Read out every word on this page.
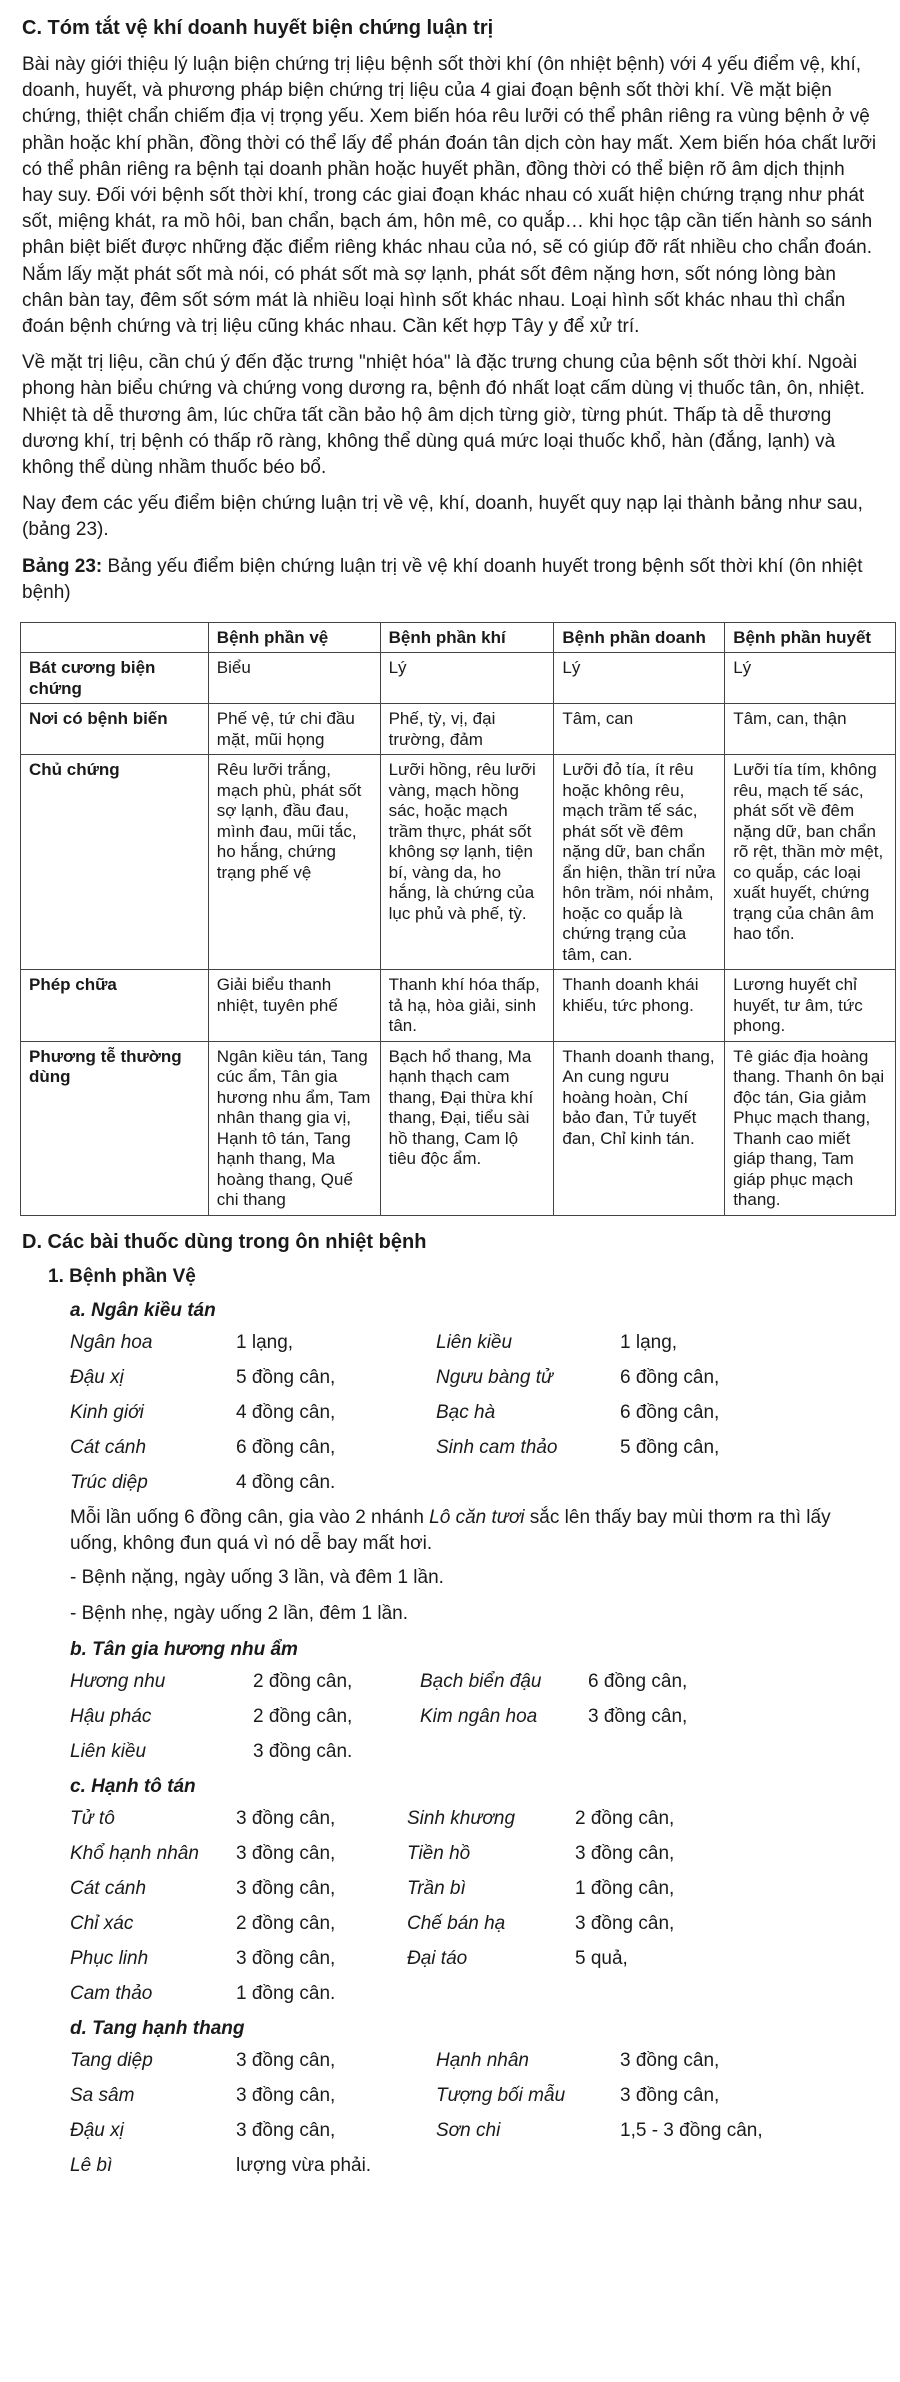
C. Tóm tắt vệ khí doanh huyết biện chứng luận trị

Bài này giới thiệu lý luận biện chứng trị liệu bệnh sốt thời khí (ôn nhiệt bệnh) với 4 yếu điểm vệ, khí, doanh, huyết, và phương pháp biện chứng trị liệu của 4 giai đoạn bệnh sốt thời khí. Về mặt biện chứng, thiệt chẩn chiếm địa vị trọng yếu. Xem biến hóa rêu lưỡi có thể phân riêng ra vùng bệnh ở vệ phần hoặc khí phần, đồng thời có thể lấy để phán đoán tân dịch còn hay mất. Xem biến hóa chất lưỡi có thể phân riêng ra bệnh tại doanh phần hoặc huyết phần, đồng thời có thể biện rõ âm dịch thịnh hay suy. Đối với bệnh sốt thời khí, trong các giai đoạn khác nhau có xuất hiện chứng trạng như phát sốt, miệng khát, ra mồ hôi, ban chẩn, bạch ám, hôn mê, co quắp… khi học tập cần tiến hành so sánh phân biệt biết được những đặc điểm riêng khác nhau của nó, sẽ có giúp đỡ rất nhiều cho chẩn đoán. Nắm lấy mặt phát sốt mà nói, có phát sốt mà sợ lạnh, phát sốt đêm nặng hơn, sốt nóng lòng bàn chân bàn tay, đêm sốt sớm mát là nhiều loại hình sốt khác nhau. Loại hình sốt khác nhau thì chẩn đoán bệnh chứng và trị liệu cũng khác nhau. Cần kết hợp Tây y để xử trí.

Về mặt trị liệu, cần chú ý đến đặc trưng "nhiệt hóa" là đặc trưng chung của bệnh sốt thời khí. Ngoài phong hàn biểu chứng và chứng vong dương ra, bệnh đó nhất loạt cấm dùng vị thuốc tân, ôn, nhiệt. Nhiệt tà dễ thương âm, lúc chữa tất cần bảo hộ âm dịch từng giờ, từng phút. Thấp tà dễ thương dương khí, trị bệnh có thấp rõ ràng, không thể dùng quá mức loại thuốc khổ, hàn (đắng, lạnh) và không thể dùng nhầm thuốc béo bổ.

Nay đem các yếu điểm biện chứng luận trị về vệ, khí, doanh, huyết quy nạp lại thành bảng như sau, (bảng 23).

Bảng 23: Bảng yếu điểm biện chứng luận trị về vệ khí doanh huyết trong bệnh sốt thời khí (ôn nhiệt bệnh)

	Bệnh phần vệ	Bệnh phần khí	Bệnh phần doanh	Bệnh phần huyết
Bát cương biện chứng	Biểu	Lý	Lý	Lý
Nơi có bệnh biến	Phế vệ, tứ chi đầu mặt, mũi họng	Phế, tỳ, vị, đại trường, đảm	Tâm, can	Tâm, can, thận
Chủ chứng	Rêu lưỡi trắng, mạch phù, phát sốt sợ lạnh, đầu đau, mình đau, mũi tắc, ho hắng, chứng trạng phế vệ	Lưỡi hồng, rêu lưỡi vàng, mạch hồng sác, hoặc mạch trầm thực, phát sốt không sợ lạnh, tiện bí, vàng da, ho hắng, là chứng của lục phủ và phế, tỳ.	Lưỡi đỏ tía, ít rêu hoặc không rêu, mạch trầm tế sác, phát sốt về đêm nặng dữ, ban chẩn ẩn hiện, thần trí nửa hôn trầm, nói nhảm, hoặc co quắp là chứng trạng của tâm, can.	Lưỡi tía tím, không rêu, mạch tế sác, phát sốt về đêm nặng dữ, ban chẩn rõ rệt, thần mờ mệt, co quắp, các loại xuất huyết, chứng trạng của chân âm hao tổn.
Phép chữa	Giải biểu thanh nhiệt, tuyên phế	Thanh khí hóa thấp, tả hạ, hòa giải, sinh tân.	Thanh doanh khái khiếu, tức phong.	Lương huyết chỉ huyết, tư âm, tức phong.
Phương tễ thường dùng	Ngân kiều tán, Tang cúc ẩm, Tân gia hương nhu ẩm, Tam nhân thang gia vị, Hạnh tô tán, Tang hạnh thang, Ma hoàng thang, Quế chi thang	Bạch hổ thang, Ma hạnh thạch cam thang, Đại thừa khí thang, Đại, tiểu sài hồ thang, Cam lộ tiêu độc ẩm.	Thanh doanh thang, An cung ngưu hoàng hoàn, Chí bảo đan, Tử tuyết đan, Chỉ kinh tán.	Tê giác địa hoàng thang. Thanh ôn bại độc tán, Gia giảm Phục mạch thang, Thanh cao miết giáp thang, Tam giáp phục mạch thang.
D. Các bài thuốc dùng trong ôn nhiệt bệnh
1. Bệnh phần Vệ
a. Ngân kiều tán
Ngân hoa	1 lạng,	Liên kiều	1 lạng,
Đậu xị	5 đồng cân,	Ngưu bàng tử	6 đồng cân,
Kinh giới	4 đồng cân,	Bạc hà	6 đồng cân,
Cát cánh	6 đồng cân,	Sinh cam thảo	5 đồng cân,
Trúc diệp	4 đồng cân.

Mỗi lần uống 6 đồng cân, gia vào 2 nhánh Lô căn tươi sắc lên thấy bay mùi thơm ra thì lấy uống, không đun quá vì nó dễ bay mất hơi.

- Bệnh nặng, ngày uống 3 lần, và đêm 1 lần.

- Bệnh nhẹ, ngày uống 2 lần, đêm 1 lần.

b. Tân gia hương nhu ẩm
Hương nhu	2 đồng cân,	Bạch biển đậu	6 đồng cân,
Hậu phác	2 đồng cân,	Kim ngân hoa	3 đồng cân,
Liên kiều	3 đồng cân.
c. Hạnh tô tán
Tử tô	3 đồng cân,	Sinh khương	2 đồng cân,
Khổ hạnh nhân	3 đồng cân,	Tiền hồ	3 đồng cân,
Cát cánh	3 đồng cân,	Trần bì	1 đồng cân,
Chỉ xác	2 đồng cân,	Chế bán hạ	3 đồng cân,
Phục linh	3 đồng cân,	Đại táo	5 quả,
Cam thảo	1 đồng cân.
d. Tang hạnh thang
Tang diệp	3 đồng cân,	Hạnh nhân	3 đồng cân,
Sa sâm	3 đồng cân,	Tượng bối mẫu	3 đồng cân,
Đậu xị	3 đồng cân,	Sơn chi	1,5 - 3 đồng cân,
Lê bì	lượng vừa phải.
